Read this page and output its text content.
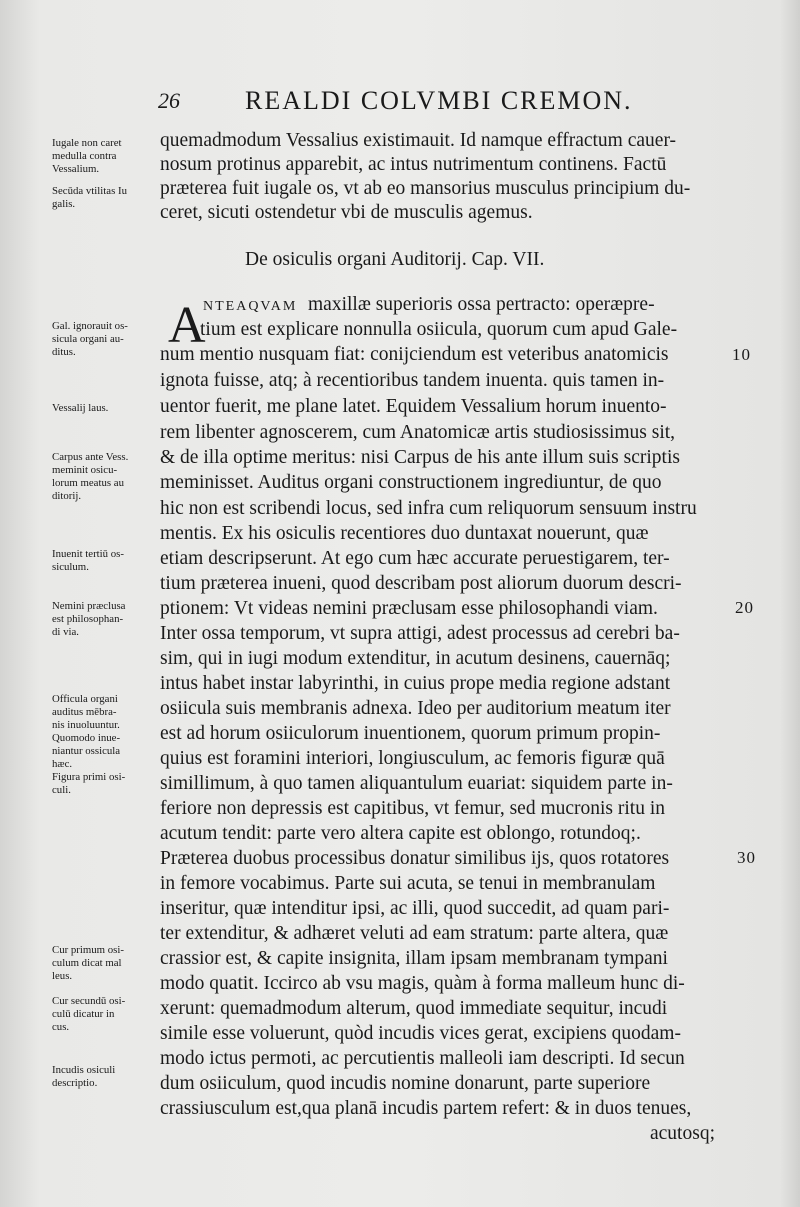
26	REALDI COLVMBI CREMON.
Iugale non caret
medulla contra
Vessalium.
Secūda vtilitas Iu
galis.
Gal. ignorauit os-
sicula organi au-
ditus.
Vessalij laus.
Carpus ante Vess.
meminit osicu-
lorum meatus au
ditorij.
Inuenit tertiū os-
siculum.
Nemini præclusa
est philosophan-
di via.
Officula organi
auditus mēbra-
nis inuoluuntur.
Quomodo inue-
niantur ossicula
hæc.
Figura primi osi-
culi.
Cur primum osi-
culum dicat mal
leus.
Cur secundū osi-
culū dicatur in
cus.
Incudis osiculi
descriptio.
quemadmodum Vessalius existimauit. Id namque effractum cauer-
nosum protinus apparebit, ac intus nutrimentum continens. Factū
præterea fuit iugale os, vt ab eo mansorius musculus principium du-
ceret, sicuti ostendetur vbi de musculis agemus.
De osiculis organi Auditorij. Cap. VII.
A
NTEAQVAM maxillæ superioris ossa pertracto: operæpre-
tium est explicare nonnulla osiicula, quorum cum apud Gale-
num mentio nusquam fiat: conijciendum est veteribus anatomicis
ignota fuisse, atq; à recentioribus tandem inuenta. quis tamen in-
uentor fuerit, me plane latet. Equidem Vessalium horum inuento-
rem libenter agnoscerem, cum Anatomicæ artis studiosissimus sit,
& de illa optime meritus: nisi Carpus de his ante illum suis scriptis
meminisset. Auditus organi constructionem ingrediuntur, de quo
hic non est scribendi locus, sed infra cum reliquorum sensuum instru
mentis. Ex his osiculis recentiores duo duntaxat nouerunt, quæ
etiam descripserunt. At ego cum hæc accurate peruestigarem, ter-
tium præterea inueni, quod describam post aliorum duorum descri-
ptionem: Vt videas nemini præclusam esse philosophandi viam.
Inter ossa temporum, vt supra attigi, adest processus ad cerebri ba-
sim, qui in iugi modum extenditur, in acutum desinens, cauernāq;
intus habet instar labyrinthi, in cuius prope media regione adstant
osiicula suis membranis adnexa. Ideo per auditorium meatum iter
est ad horum osiiculorum inuentionem, quorum primum propin-
quius est foramini interiori, longiusculum, ac femoris figuræ quā
simillimum, à quo tamen aliquantulum euariat: siquidem parte in-
feriore non depressis est capitibus, vt femur, sed mucronis ritu in
acutum tendit: parte vero altera capite est oblongo, rotundoq;.
Præterea duobus processibus donatur similibus ijs, quos rotatores
in femore vocabimus. Parte sui acuta, se tenui in membranulam
inseritur, quæ intenditur ipsi, ac illi, quod succedit, ad quam pari-
ter extenditur, & adhæret veluti ad eam stratum: parte altera, quæ
crassior est, & capite insignita, illam ipsam membranam tympani
modo quatit. Iccirco ab vsu magis, quàm à forma malleum hunc di-
xerunt: quemadmodum alterum, quod immediate sequitur, incudi
simile esse voluerunt, quòd incudis vices gerat, excipiens quodam-
modo ictus permoti, ac percutientis malleoli iam descripti. Id secun
dum osiiculum, quod incudis nomine donarunt, parte superiore
crassiusculum est,qua planā incudis partem refert: & in duos tenues,
acutosq;
10
20
30
